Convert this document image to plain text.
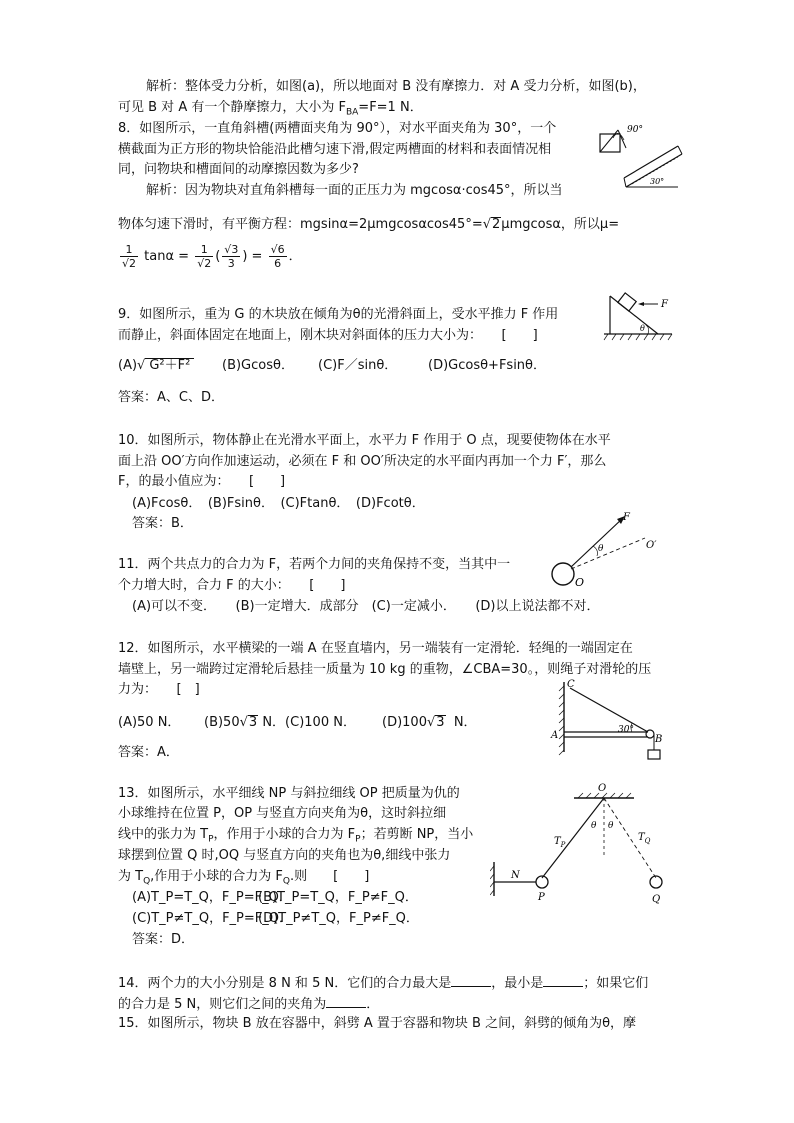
解析：整体受力分析，如图(a)，所以地面对 B 没有摩擦力．对 A 受力分析，如图(b)，
可见 B 对 A 有一个静摩擦力，大小为 $F_{BA}=F=1$ N．
8．如图所示，一直角斜槽(两槽面夹角为 90°），对水平面夹角为 30°，一个
横截面为正方形的物块恰能沿此槽匀速下滑,假定两槽面的材料和表面情况相
同，问物块和槽面间的动摩擦因数为多少?
解析：因为物块对直角斜槽每一面的正压力为 mgcosα·cos45°，所以当
物体匀速下滑时，有平衡方程：mgsinα=2μmgcosαcos45°=√2μmgcosα，所以μ=
$\frac{1}{√2}$ $\tan\alpha = \frac{1}{√2}$ ( $\frac{√3}{3}$ ) = $\frac{√6}{6}$ ．
90°
30°
9．如图所示，重为 G 的木块放在倾角为θ的光滑斜面上，受水平推力 F 作用
而静止，斜面体固定在地面上，刚木块对斜面体的压力大小为：　　[　　]
(A)√ G²＋F²	(B)Gcosθ． (C)F／sinθ． (D)Gcosθ+Fsinθ．
答案：A、C、D．
F
θ
10．如图所示，物体静止在光滑水平面上，水平力 F 作用于 O 点，现要使物体在水平
面上沿 OO′方向作加速运动，必须在 F 和 OO′所决定的水平面内再加一个力 F′，那么
F，的最小值应为：　　[　　]
(A)Fcosθ．　(B)Fsinθ．　(C)Ftanθ．　(D)Fcotθ．
答案：B．	F
θ
O
O′
11．两个共点力的合力为 F，若两个力间的夹角保持不变，当其中一
个力增大时，合力 F 的大小：　　[　　]
(A)可以不变．　　(B)一定增大．成部分　(C)一定减小．　　(D)以上说法都不对．
12．如图所示，水平横梁的一端 A 在竖直墙内，另一端装有一定滑轮．轻绳的一端固定在
墙壁上，另一端跨过定滑轮后悬挂一质量为 10 kg 的重物，∠CBA=30。，则绳子对滑轮的压
力为：　　[　]
(A)50 N． (B)50√3 N．(C)100 N． (D)100√3 N．
答案：A．
C
A	B
30°
13．如图所示，水平细线 NP 与斜拉细线 OP 把质量为仇的
小球维持在位置 P，OP 与竖直方向夹角为θ，这时斜拉细
线中的张力为 $T_P$，作用于小球的合力为 $F_P$；若剪断 NP，当小
球摆到位置 Q 时,OQ 与竖直方向的夹角也为θ,细线中张力
为 $T_Q$,作用于小球的合力为 $F_Q$.则　　[　　]
(A)T_P=T_Q，F_P=F_Q．
(B)T_P=T_Q，F_P≠F_Q．
(C)T_P≠T_Q，F_P=F_Q．
(D)T_P≠T_Q，F_P≠F_Q．
答案：D．
O
N
P	Q
$T_P$
$T_Q$
θ θ
14．两个力的大小分别是 8 N 和 5 N．它们的合力最大是	，最小是	；如果它们
的合力是 5 N，则它们之间的夹角为	．
15．如图所示，物块 B 放在容器中，斜劈 A 置于容器和物块 B 之间，斜劈的倾角为θ，摩
